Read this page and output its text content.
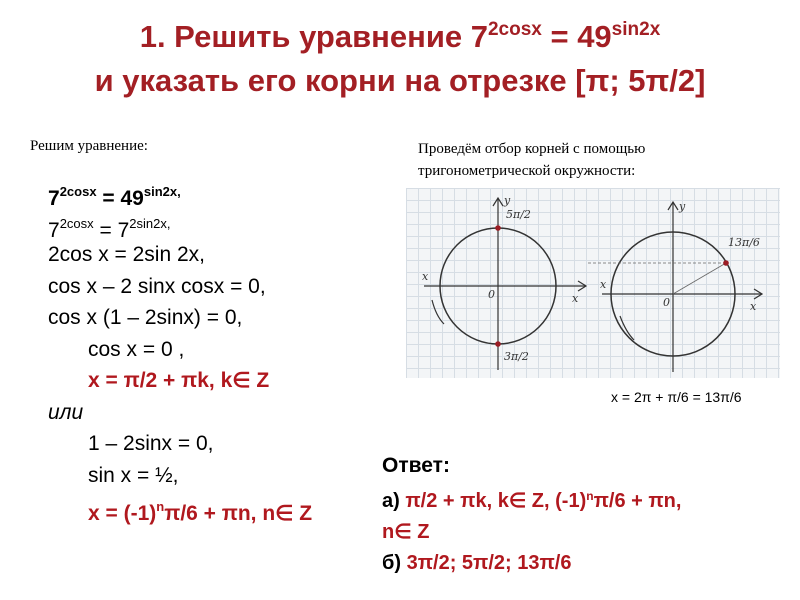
1. Решить уравнение $7^{2cosx} = 49^{sin2x}$
и указать его корни на отрезке [π; 5π/2]
Решим уравнение:
$7^{2cosx} = 49^{sin2x,}$
$7^{2cosx} = 7^{2sin2x,}$
2cos x = 2sin 2x,
cos x – 2 sinx cosx = 0,
cos x (1 – 2sinx) = 0,
cos x = 0 ,
x = π/2 + πk, k∈ Z
или
1 – 2sinx = 0,
sin x = ½,
$x = (-1)^n\pi/6 + \pi n$, n∈ Z
Проведём отбор корней с помощью тригонометрической окружности:
5π/2
3π/2
x
y
x
0
13π/6
x
y
x
0
x = 2π + π/6 = 13π/6
Ответ:
а) π/2 + πk, k∈ Z, $(-1)^n\pi/6 + \pi n$,
n∈ Z
б) 3π/2; 5π/2; 13π/6
